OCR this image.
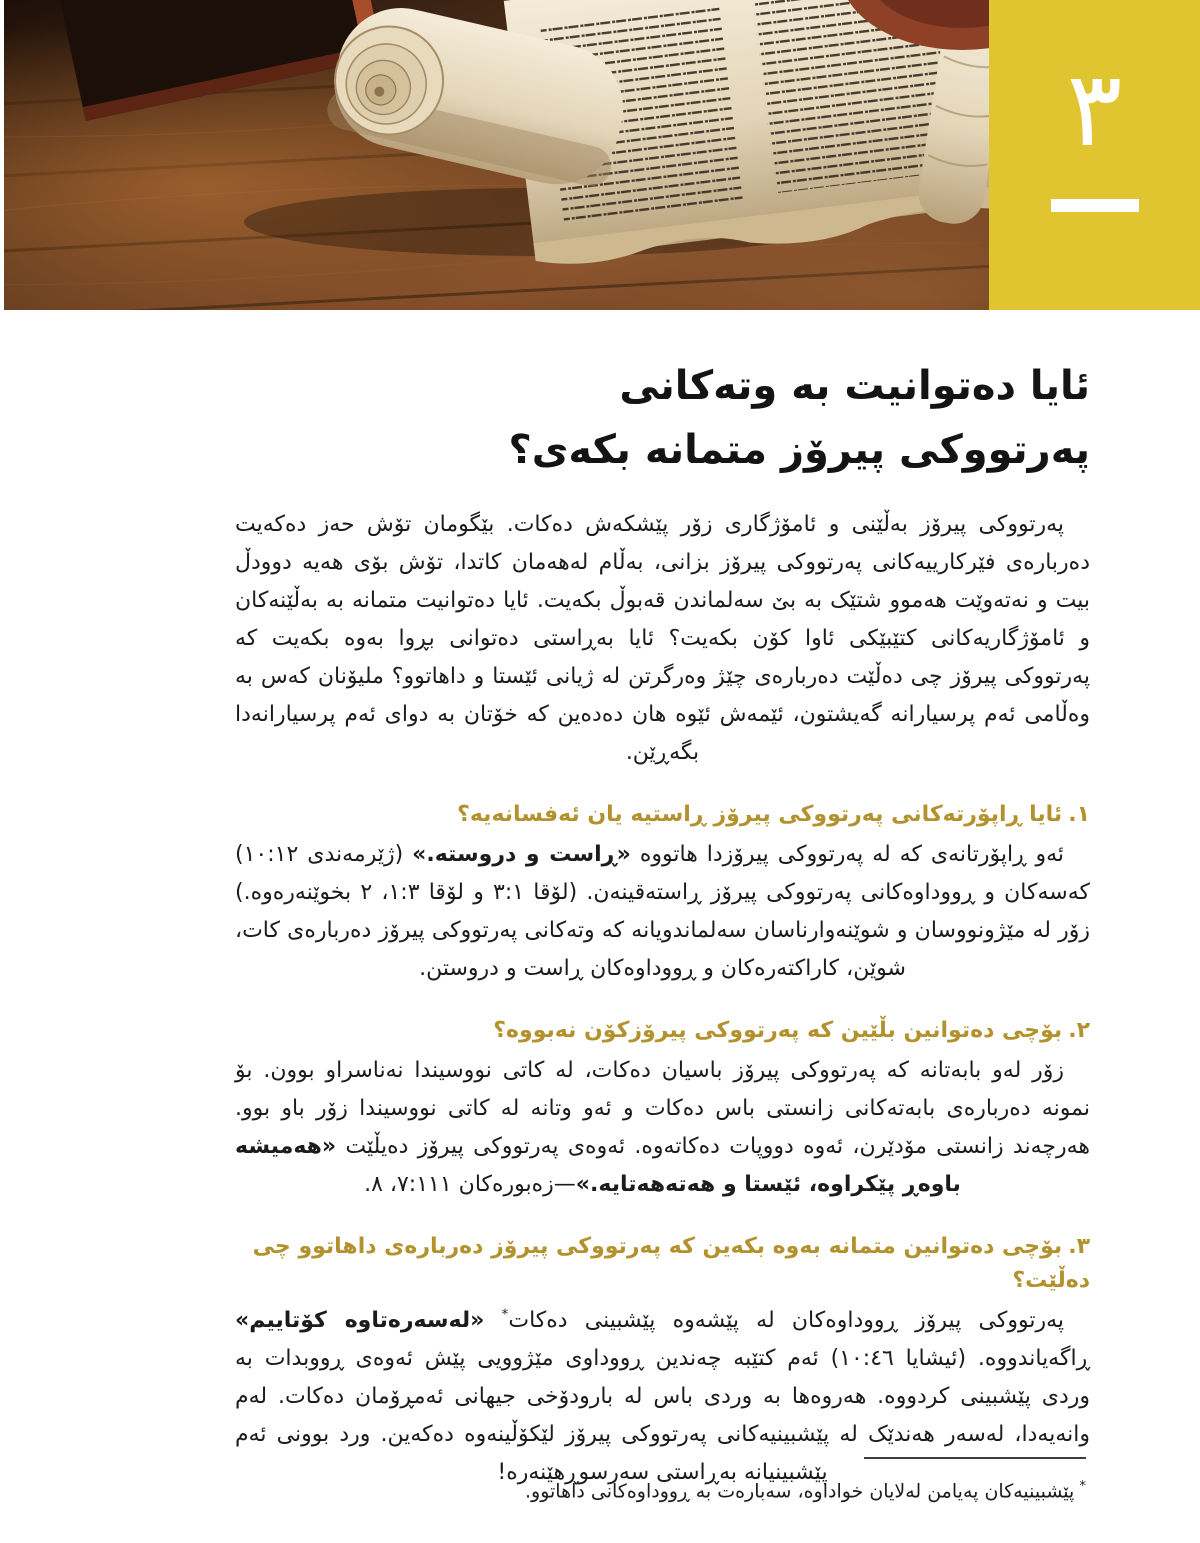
٣
ئایا دەتوانیت بە وتەکانی
پەرتووکی پیرۆز متمانە بکەی؟

پەرتووکی پیرۆز بەڵێنی و ئامۆژگاری زۆر پێشکەش دەکات. بێگومان تۆش حەز دەکەیت دەربارەی فێرکارییەکانی پەرتووکی پیرۆز بزانی، بەڵام لەهەمان کاتدا، تۆش بۆی هەیە دوودڵ بیت و نەتەوێت هەموو شتێک بە بێ سەلماندن قەبوڵ بکەیت. ئایا دەتوانیت متمانە بە بەڵێنەکان و ئامۆژگاریەکانی کتێبێکی ئاوا کۆن بکەیت؟ ئایا بەڕاستی دەتوانی بڕوا بەوە بکەیت کە پەرتووکی پیرۆز چی دەڵێت دەربارەی چێژ وەرگرتن لە ژیانی ئێستا و داهاتوو؟ ملیۆنان کەس بە وەڵامی ئەم پرسیارانە گەیشتون، ئێمەش ئێوە هان دەدەین کە خۆتان بە دوای ئەم پرسیارانەدا بگەڕێن.

١.ئایا ڕاپۆرتەکانی پەرتووکی پیرۆز ڕاستیە یان ئەفسانەیە؟

ئەو ڕاپۆرتانەی کە لە پەرتووکی پیرۆزدا هاتووە «ڕاست و دروستە.» (ژێرمەندی ١٠:١٢) کەسەکان و ڕووداوەکانی پەرتووکی پیرۆز ڕاستەقینەن. (لۆقا ٣:١ و لۆقا ١:٣، ٢ بخوێنەرەوە.) زۆر لە مێژونووسان و شوێنەوارناسان سەلماندویانە کە وتەکانی پەرتووکی پیرۆز دەربارەی کات، شوێن، کاراکتەرەکان و ڕووداوەکان ڕاست و دروستن.

٢.بۆچی دەتوانین بڵێین کە پەرتووکی پیرۆزکۆن نەبووە؟

زۆر لەو بابەتانە کە پەرتووکی پیرۆز باسیان دەکات، لە کاتی نووسیندا نەناسراو بوون. بۆ نمونە دەربارەی بابەتەکانی زانستی باس دەکات و ئەو وتانە لە کاتی نووسیندا زۆر باو بوو. هەرچەند زانستی مۆدێرن، ئەوە دووپات دەکاتەوە. ئەوەی پەرتووکی پیرۆز دەیڵێت «هەمیشە باوەڕ پێکراوە، ئێستا و هەتەهەتایە.»—زەبورەکان ٧:١١١، ٨.

٣.بۆچی دەتوانین متمانە بەوە بکەین کە پەرتووکی پیرۆز دەربارەی داهاتوو چی دەڵێت؟

پەرتووکی پیرۆز ڕووداوەکان لە پێشەوە پێشبینی دەکات* «لەسەرەتاوە کۆتاییم» ڕاگەیاندووە. (ئیشایا ١٠:٤٦) ئەم کتێبە چەندین ڕووداوی مێژوویی پێش ئەوەی ڕووبدات بە وردی پێشبینی کردووە. هەروەها بە وردی باس لە بارودۆخی جیهانی ئەمڕۆمان دەکات. لەم وانەیەدا، لەسەر هەندێک لە پێشبینیەکانی پەرتووکی پیرۆز لێکۆڵینەوە دەکەین. ورد بوونی ئەم پێشبینیانە بەڕاستی سەرسوڕهێنەرە!

*پێشبینیەکان پەیامن لەلایان خواداوە، سەبارەت بە ڕووداوەکانی داهاتوو.
